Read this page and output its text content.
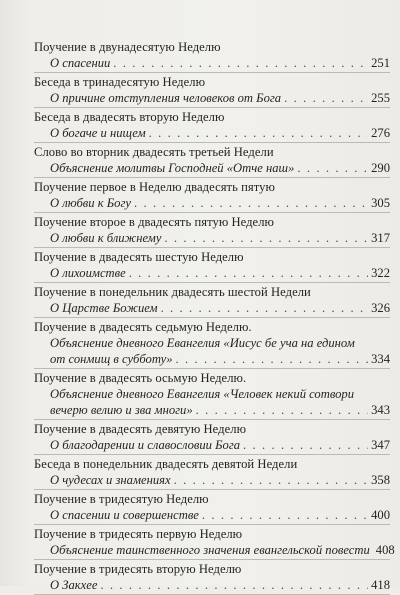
Поучение в двунадесятую Неделю
О спасении . . .	251
Беседа в тринадесятую Неделю
О причине отступления человеков от Бога . . .	255
Беседа в двадесять вторую Неделю
О богаче и нищем . . .	276
Слово во вторник двадесять третьей Недели
Объяснение молитвы Господней «Отче наш» . . .	290
Поучение первое в Неделю двадесять пятую
О любви к Богу . . .	305
Поучение второе в двадесять пятую Неделю
О любви к ближнему . . .	317
Поучение в двадесять шестую Неделю
О лихоимстве . . .	322
Поучение в понедельник двадесять шестой Недели
О Царстве Божием . . .	326
Поучение в двадесять седьмую Неделю.
Объяснение дневного Евангелия «Иисус бе уча на едином
от сонмищ в субботу» . . .	334
Поучение в двадесять осьмую Неделю.
Объяснение дневного Евангелия «Человек некий сотвори
вечерю велию и зва многи» . . .	343
Поучение в двадесять девятую Неделю
О благодарении и славословии Бога . . .	347
Беседа в понедельник двадесять девятой Недели
О чудесах и знамениях . . .	358
Поучение в тридесятую Неделю
О спасении и совершенстве . . .	400
Поучение в тридесять первую Неделю
Объяснение таинственного значения евангельской повести 408
Поучение в тридесять вторую Неделю
О Закхее . . .	418
